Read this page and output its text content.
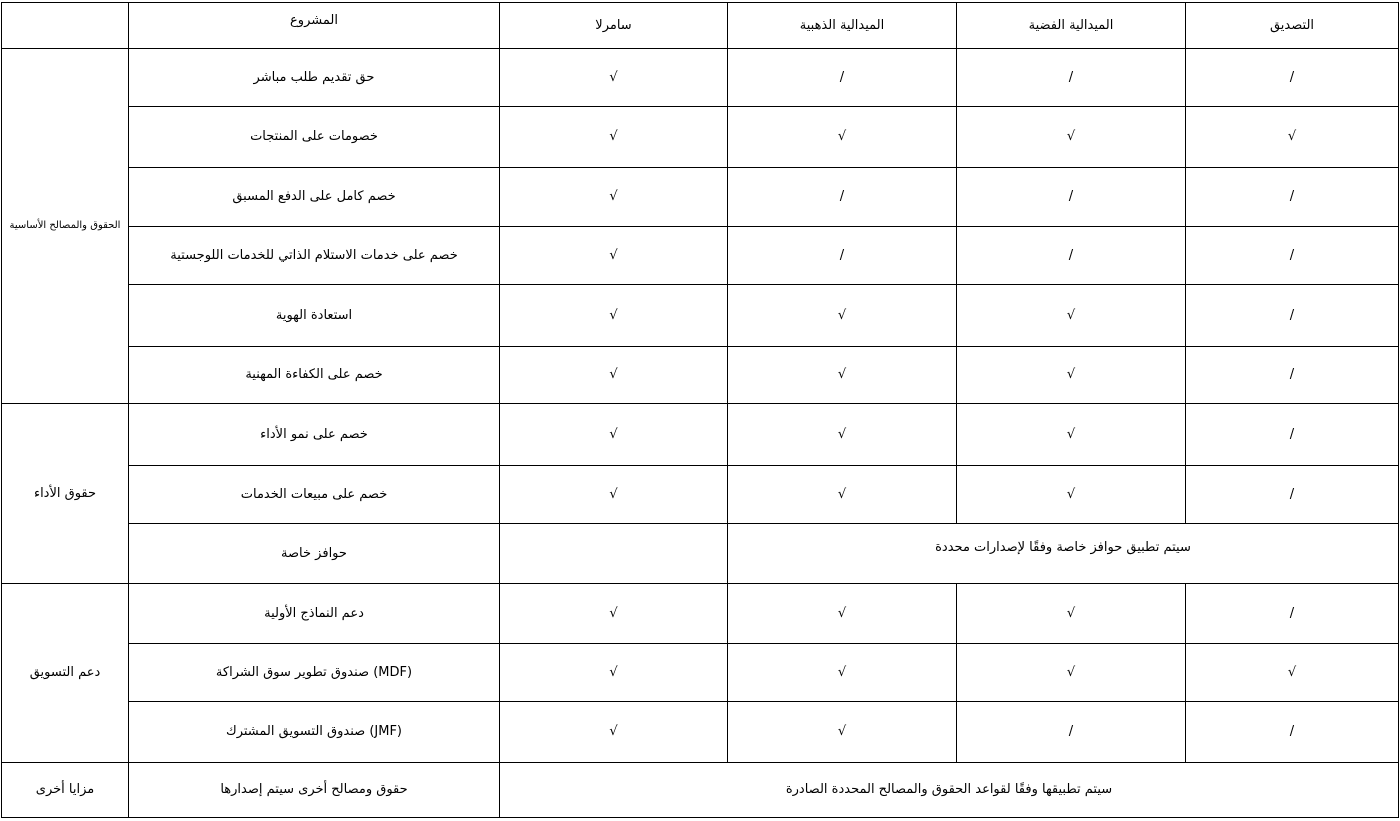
	المشروع	سامرلا	الميدالية الذهبية	الميدالية الفضية	التصديق	
الحقوق والمصالح الأساسية	حق تقديم طلب مباشر	√	/	/	/	
	خصومات على المنتجات	√	√	√	√	
	خصم كامل على الدفع المسبق	√	/	/	/	
	خصم على خدمات الاستلام الذاتي للخدمات اللوجستية	√	/	/	/	
	استعادة الهوية	√	√	√	/	
	خصم على الكفاءة المهنية	√	√	√	/	
حقوق الأداء	خصم على نمو الأداء	√	√	√	/	
	خصم على مبيعات الخدمات	√	√	√	/	
	حوافز خاصة		سيتم تطبيق حوافز خاصة وفقًا لإصدارات محددة			
دعم التسويق	دعم النماذج الأولية	√	√	√	/	
	صندوق تطوير سوق الشراكة (MDF)	√	√	√	√	
	صندوق التسويق المشترك (JMF)	√	√	/	/	
مزايا أخرى	حقوق ومصالح أخرى سيتم إصدارها	سيتم تطبيقها وفقًا لقواعد الحقوق والمصالح المحددة الصادرة				
